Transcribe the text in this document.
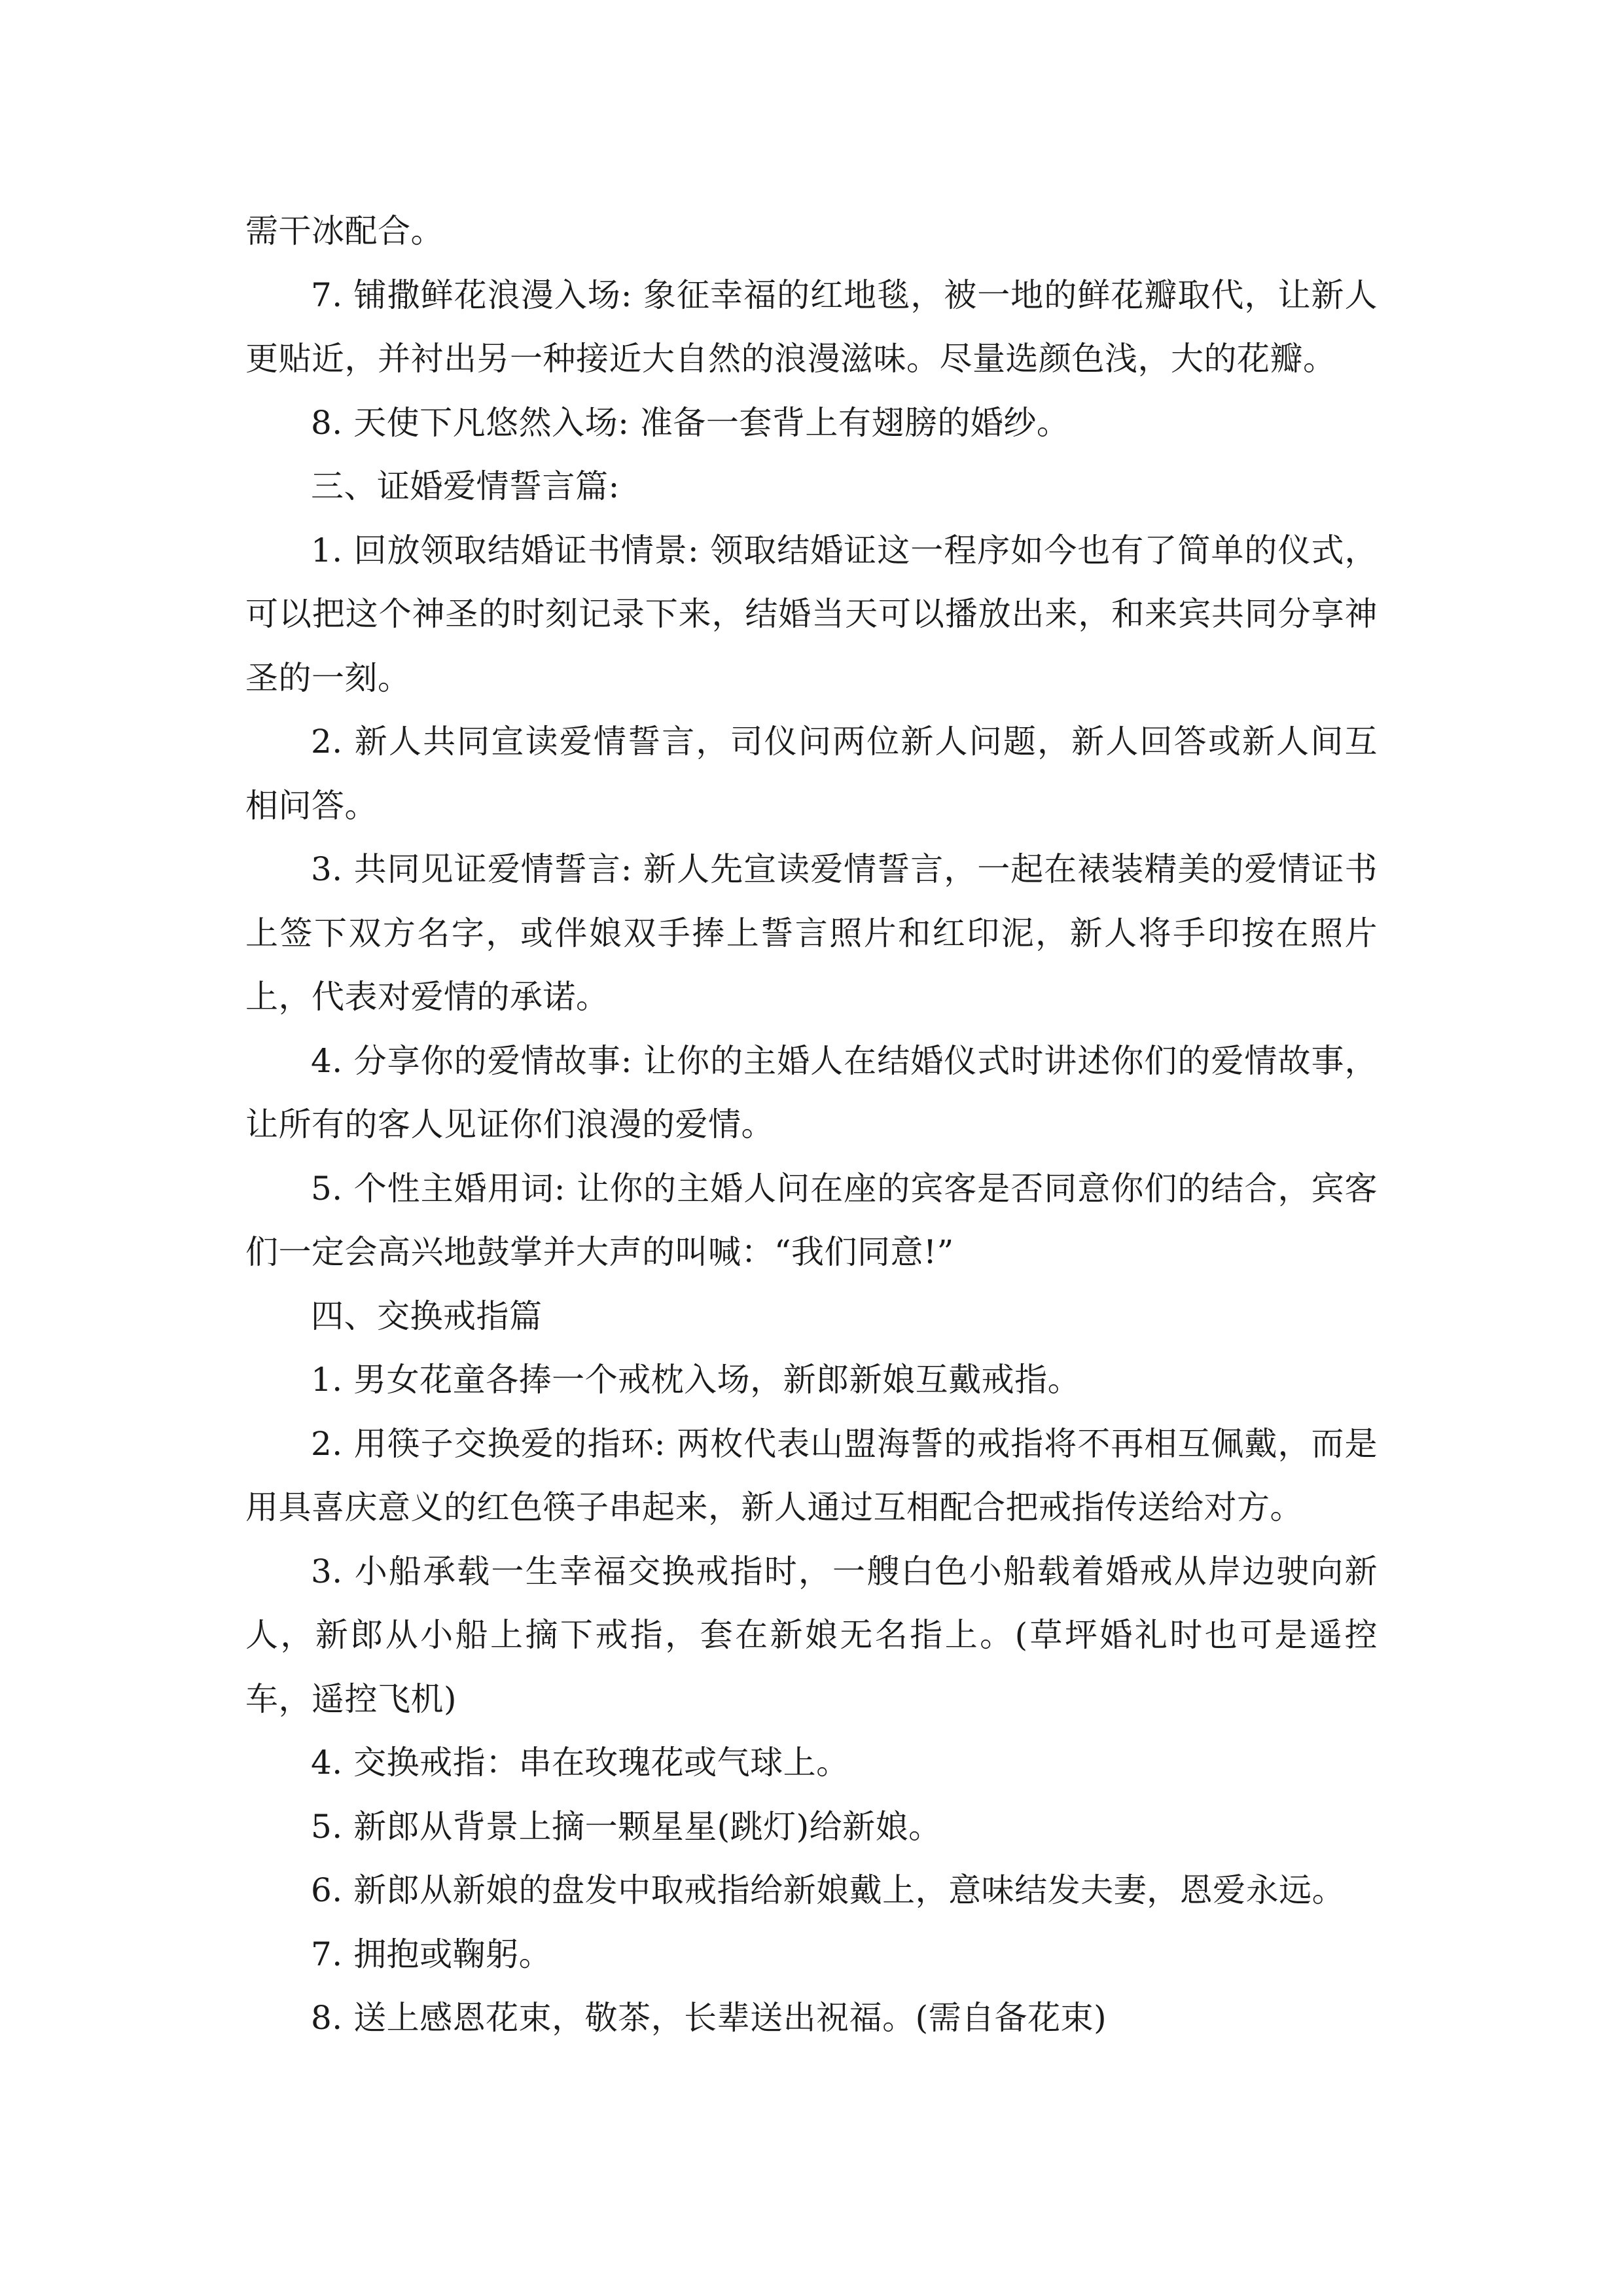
需干冰配合。

7. 铺撒鲜花浪漫入场: 象征幸福的红地毯，被一地的鲜花瓣取代，让新人更贴近，并衬出另一种接近大自然的浪漫滋味。尽量选颜色浅，大的花瓣。

8. 天使下凡悠然入场: 准备一套背上有翅膀的婚纱。

三、证婚爱情誓言篇:

1. 回放领取结婚证书情景: 领取结婚证这一程序如今也有了简单的仪式，可以把这个神圣的时刻记录下来，结婚当天可以播放出来，和来宾共同分享神圣的一刻。

2. 新人共同宣读爱情誓言，司仪问两位新人问题，新人回答或新人间互相问答。

3. 共同见证爱情誓言: 新人先宣读爱情誓言，一起在裱装精美的爱情证书上签下双方名字，或伴娘双手捧上誓言照片和红印泥，新人将手印按在照片上，代表对爱情的承诺。

4. 分享你的爱情故事: 让你的主婚人在结婚仪式时讲述你们的爱情故事，让所有的客人见证你们浪漫的爱情。

5. 个性主婚用词: 让你的主婚人问在座的宾客是否同意你们的结合，宾客们一定会高兴地鼓掌并大声的叫喊：“我们同意!”

四、交换戒指篇

1. 男女花童各捧一个戒枕入场，新郎新娘互戴戒指。

2. 用筷子交换爱的指环: 两枚代表山盟海誓的戒指将不再相互佩戴，而是用具喜庆意义的红色筷子串起来，新人通过互相配合把戒指传送给对方。

3. 小船承载一生幸福交换戒指时，一艘白色小船载着婚戒从岸边驶向新人，新郎从小船上摘下戒指，套在新娘无名指上。(草坪婚礼时也可是遥控车，遥控飞机)

4. 交换戒指：串在玫瑰花或气球上。

5. 新郎从背景上摘一颗星星(跳灯)给新娘。

6. 新郎从新娘的盘发中取戒指给新娘戴上，意味结发夫妻，恩爱永远。

7. 拥抱或鞠躬。

8. 送上感恩花束，敬茶，长辈送出祝福。(需自备花束)
